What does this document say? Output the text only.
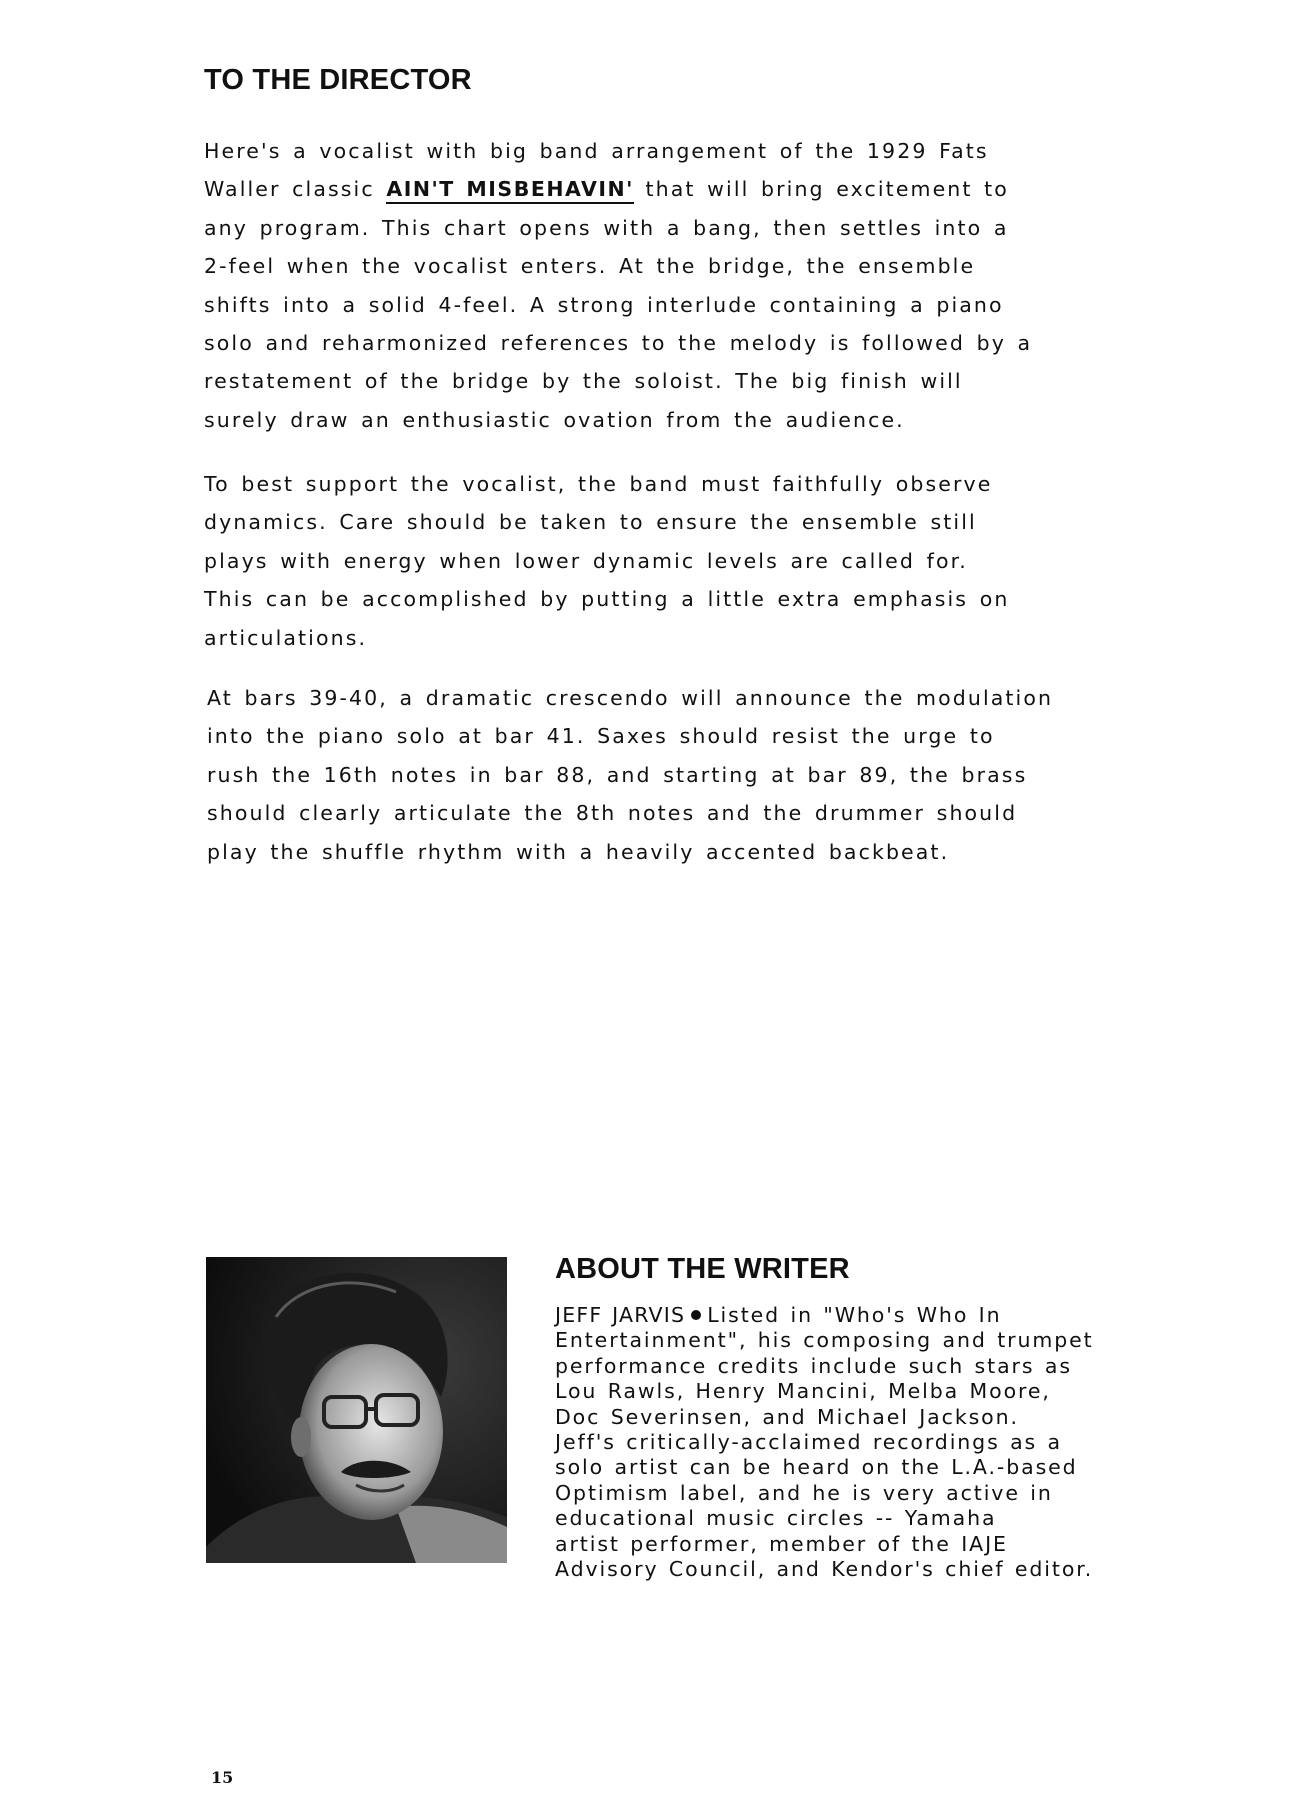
TO THE DIRECTOR

Here's a vocalist with big band arrangement of the 1929 Fats
Waller classic AIN'T MISBEHAVIN' that will bring excitement to
any program. This chart opens with a bang, then settles into a
2-feel when the vocalist enters. At the bridge, the ensemble
shifts into a solid 4-feel. A strong interlude containing a piano
solo and reharmonized references to the melody is followed by a
restatement of the bridge by the soloist. The big finish will
surely draw an enthusiastic ovation from the audience.

To best support the vocalist, the band must faithfully observe
dynamics. Care should be taken to ensure the ensemble still
plays with energy when lower dynamic levels are called for.
This can be accomplished by putting a little extra emphasis on
articulations.

At bars 39-40, a dramatic crescendo will announce the modulation
into the piano solo at bar 41. Saxes should resist the urge to
rush the 16th notes in bar 88, and starting at bar 89, the brass
should clearly articulate the 8th notes and the drummer should
play the shuffle rhythm with a heavily accented backbeat.

ABOUT THE WRITER

JEFF JARVIS Listed in "Who's Who In
Entertainment", his composing and trumpet
performance credits include such stars as
Lou Rawls, Henry Mancini, Melba Moore,
Doc Severinsen, and Michael Jackson.
Jeff's critically-acclaimed recordings as a
solo artist can be heard on the L.A.-based
Optimism label, and he is very active in
educational music circles -- Yamaha
artist performer, member of the IAJE
Advisory Council, and Kendor's chief editor.

15
